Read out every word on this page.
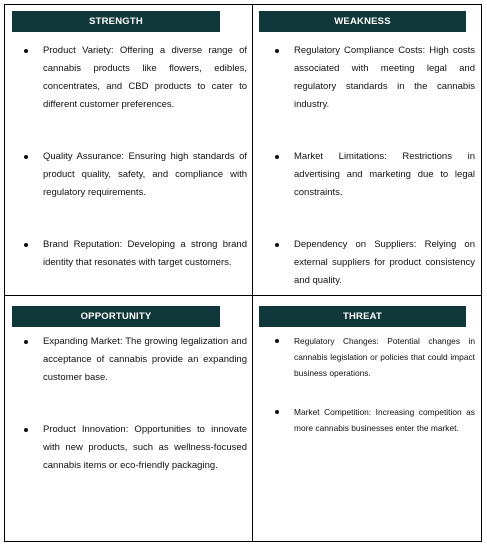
STRENGTH
Product Variety: Offering a diverse range of cannabis products like flowers, edibles, concentrates, and CBD products to cater to different customer preferences.
Quality Assurance: Ensuring high standards of product quality, safety, and compliance with regulatory requirements.
Brand Reputation: Developing a strong brand identity that resonates with target customers.
WEAKNESS
Regulatory Compliance Costs: High costs associated with meeting legal and regulatory standards in the cannabis industry.
Market Limitations: Restrictions in advertising and marketing due to legal constraints.
Dependency on Suppliers: Relying on external suppliers for product consistency and quality.
OPPORTUNITY
Expanding Market: The growing legalization and acceptance of cannabis provide an expanding customer base.
Product Innovation: Opportunities to innovate with new products, such as wellness-focused cannabis items or eco-friendly packaging.
THREAT
Regulatory Changes: Potential changes in cannabis legislation or policies that could impact business operations.
Market Competition: Increasing competition as more cannabis businesses enter the market.
